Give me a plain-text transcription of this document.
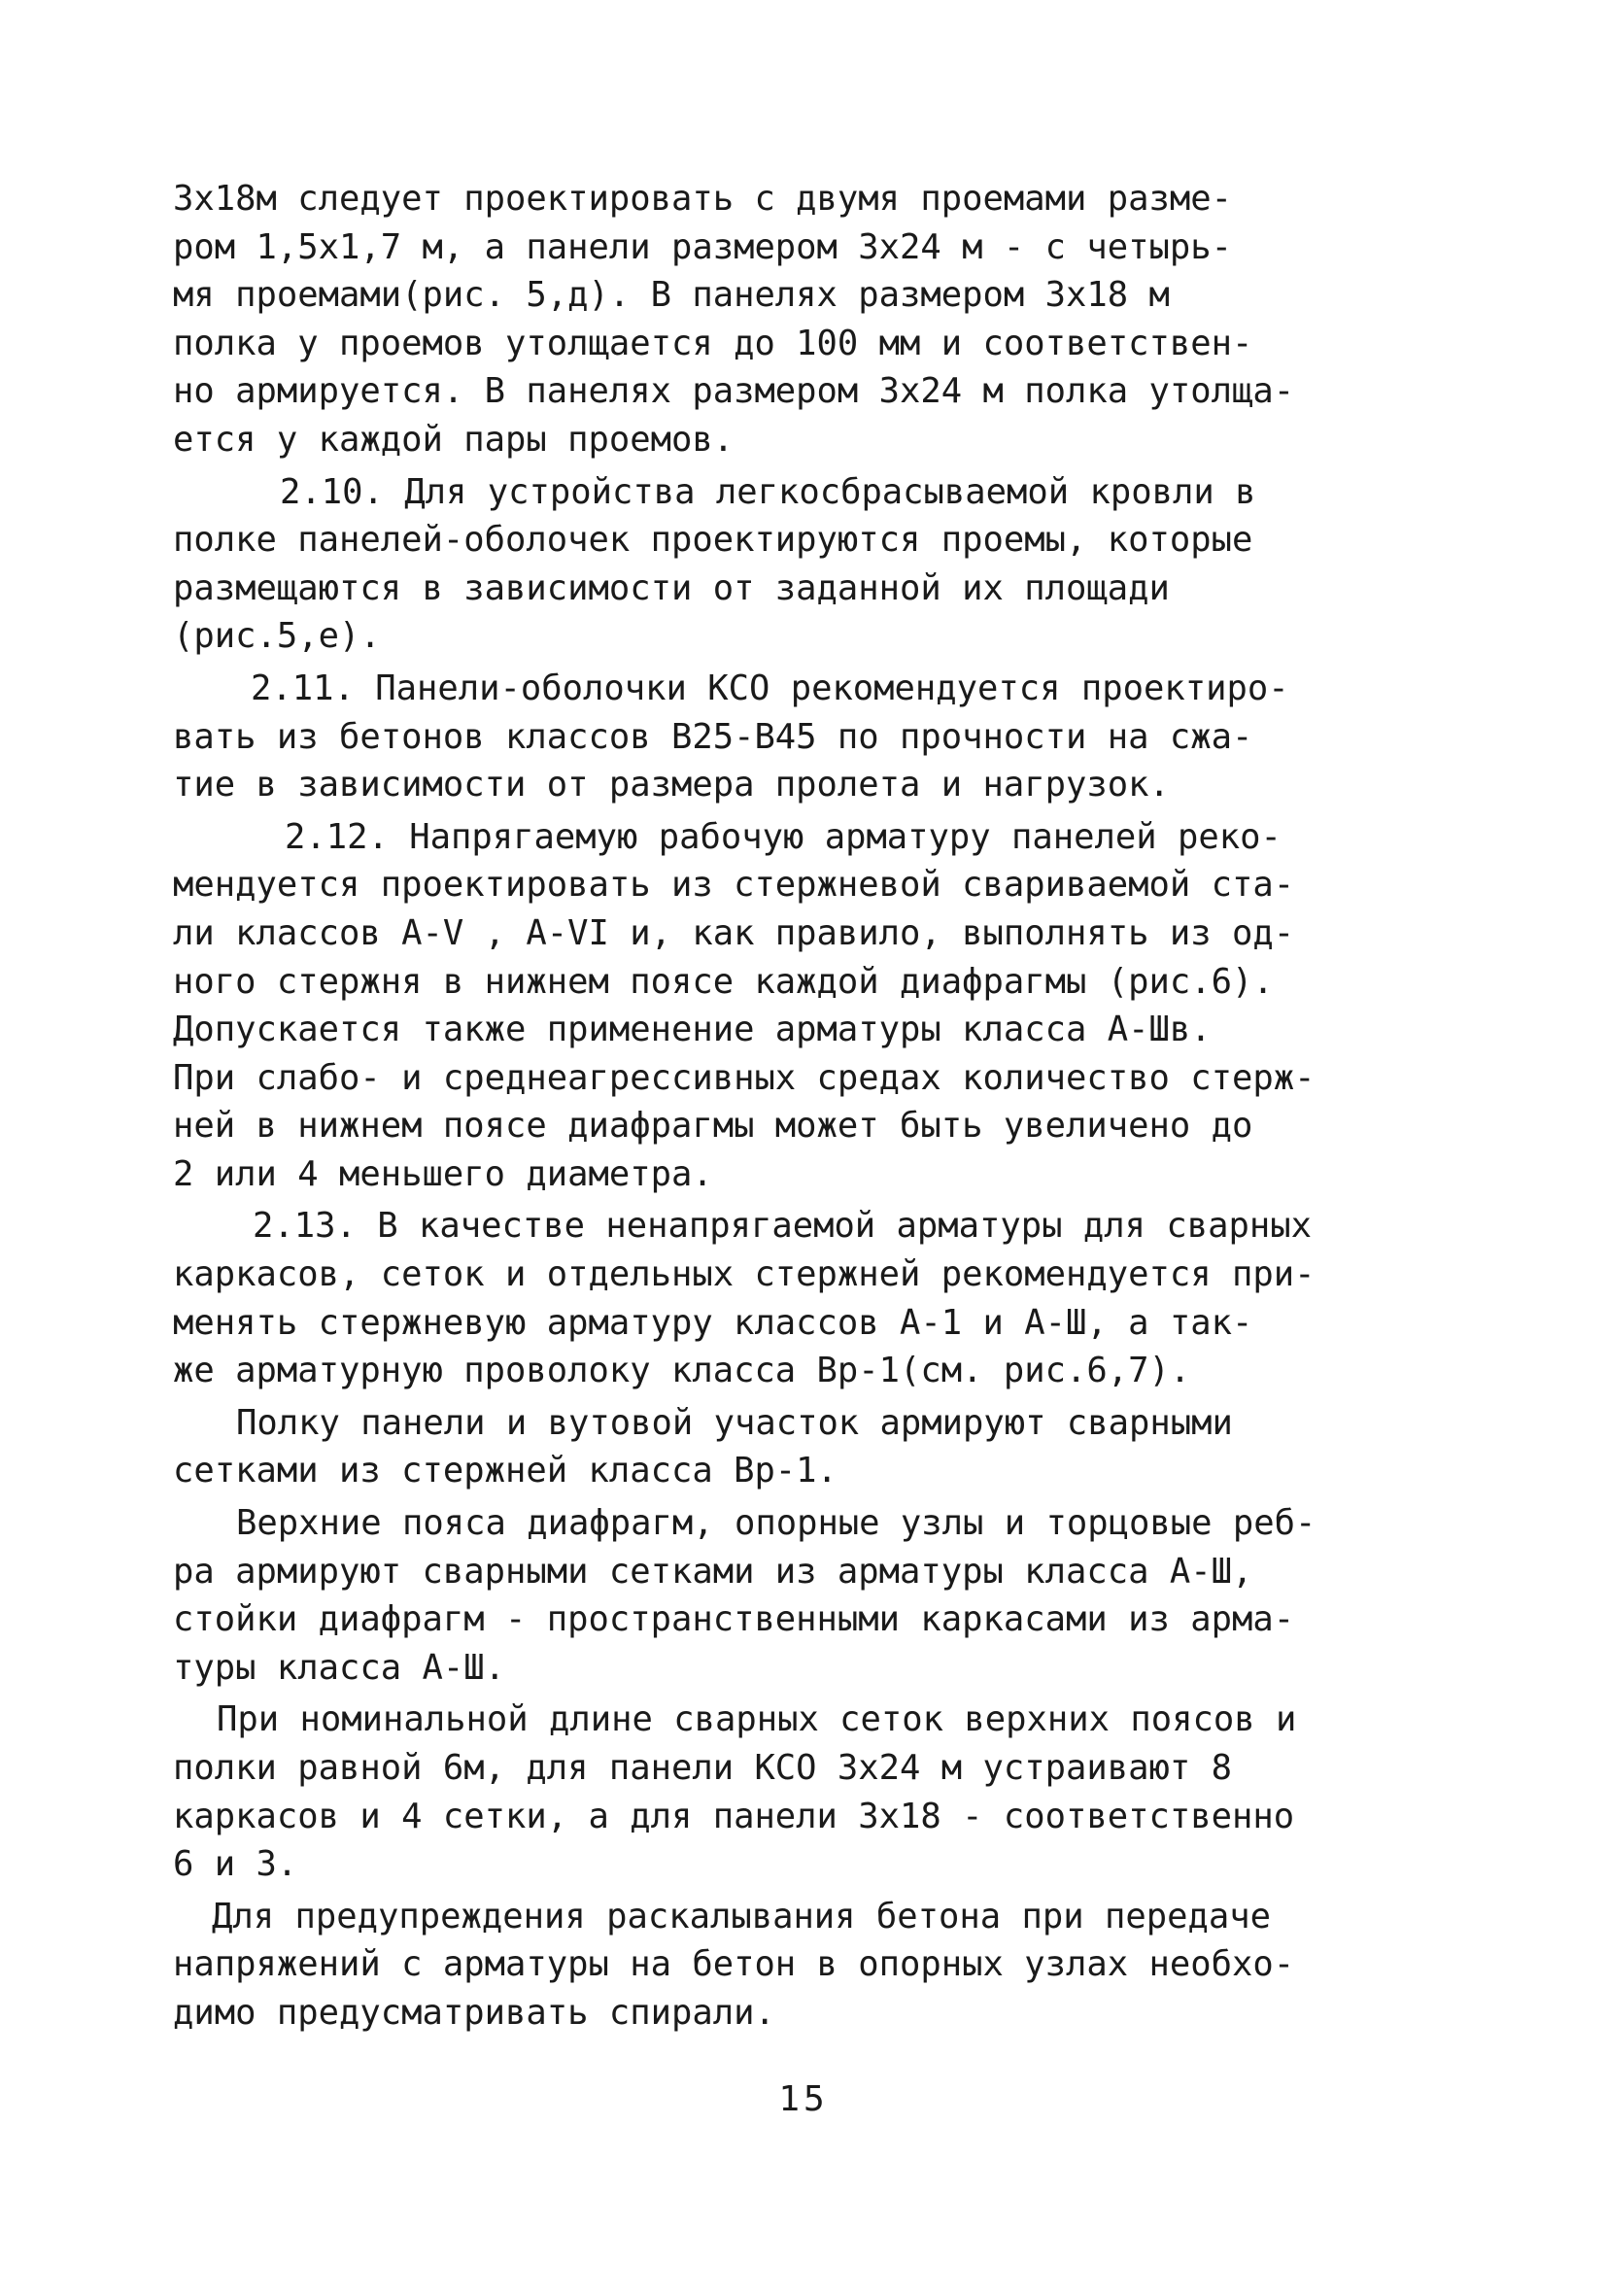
3х18м следует проектировать с двумя проемами разме-
ром 1,5х1,7 м, а панели размером 3х24 м - с четырь-
мя проемами(рис. 5,д). В панелях размером 3х18 м
полка у проемов утолщается до 100 мм и соответствен-
но армируется. В панелях размером 3х24 м полка утолща-
ется у каждой пары проемов.
2.10. Для устройства легкосбрасываемой кровли в
полке панелей-оболочек проектируются проемы, которые
размещаются в зависимости от заданной их площади
(рис.5,е).
2.11. Панели-оболочки КСО рекомендуется проектиро-
вать из бетонов классов В25-В45 по прочности на сжа-
тие в зависимости от размера пролета и нагрузок.
2.12. Напрягаемую рабочую арматуру панелей реко-
мендуется проектировать из стержневой свариваемой ста-
ли классов А-V , А-VI и, как правило, выполнять из од-
ного стержня в нижнем поясе каждой диафрагмы (рис.6).
Допускается также применение арматуры класса А-Шв.
При слабо- и среднеагрессивных средах количество стерж-
ней в нижнем поясе диафрагмы может быть увеличено до
2 или 4 меньшего диаметра.
2.13. В качестве ненапрягаемой арматуры для сварных
каркасов, сеток и отдельных стержней рекомендуется при-
менять стержневую арматуру классов А-1 и А-Ш, а так-
же арматурную проволоку класса Вр-1(см. рис.6,7).
Полку панели и вутовой участок армируют сварными
сетками из стержней класса Вр-1.
Верхние пояса диафрагм, опорные узлы и торцовые реб-
ра армируют сварными сетками из арматуры класса А-Ш,
стойки диафрагм - пространственными каркасами из арма-
туры класса А-Ш.
При номинальной длине сварных сеток верхних поясов и
полки равной 6м, для панели КСО 3х24 м устраивают 8
каркасов и 4 сетки, а для панели 3х18 - соответственно
6 и 3.
Для предупреждения раскалывания бетона при передаче
напряжений с арматуры на бетон в опорных узлах необхо-
димо предусматривать спирали.
15
